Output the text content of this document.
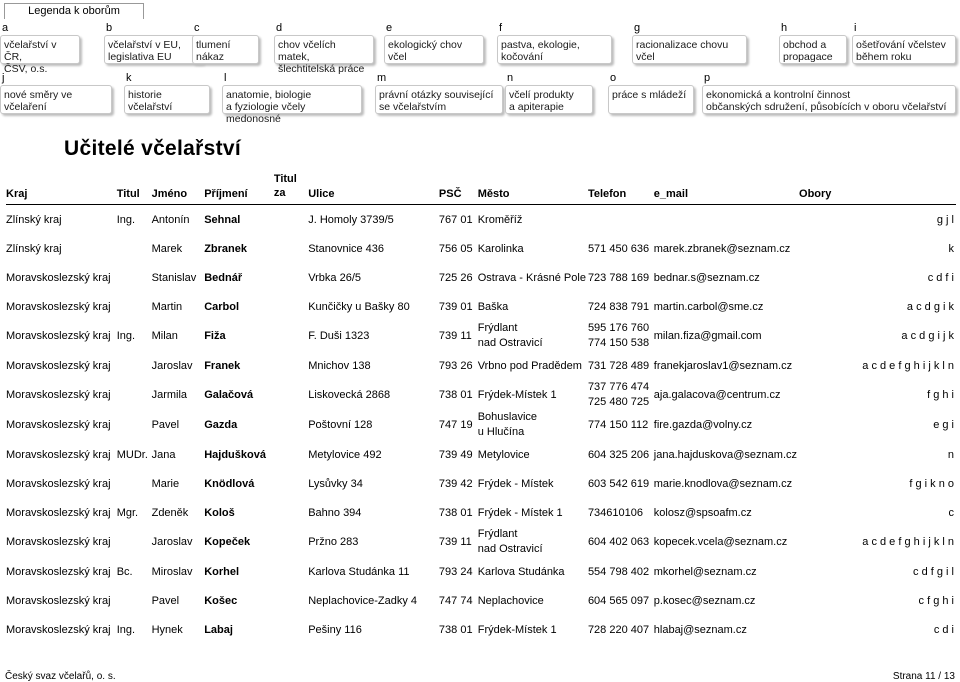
Legenda k oborům
a
včelařství v ČR,
ČSV, o.s.
b
včelařství v EU,
legislativa EU
c
tlumení nákaz
d
chov včelích matek,
šlechtitelská práce
e
ekologický chov včel
f
pastva, ekologie, kočování
g
racionalizace chovu včel
h
obchod a propagace
i
ošetřování včelstev
během roku
j
nové směry ve včelaření
k
historie včelařství
l
anatomie, biologie
a fyziologie včely medonosné
m
právní otázky související
se včelařstvím
n
včelí produkty
a apiterapie
o
práce s mládeží
p
ekonomická a kontrolní činnost
občanských sdružení, působících v oboru včelařství
Učitelé včelařství
Kraj	Titul	Jméno	Příjmení	Titul
za	Ulice	PSČ	Město	Telefon	e_mail	Obory
Zlínský kraj	Ing.	Antonín	Sehnal		J. Homoly 3739/5	767 01	Kroměříž			g j l
Zlínský kraj		Marek	Zbranek		Stanovnice 436	756 05	Karolinka	571 450 636	marek.zbranek@seznam.cz	k
Moravskoslezský kraj		Stanislav	Bednář		Vrbka 26/5	725 26	Ostrava - Krásné Pole	723 788 169	bednar.s@seznam.cz	c d f i
Moravskoslezský kraj		Martin	Carbol		Kunčičky u Bašky 80	739 01	Baška	724 838 791	martin.carbol@sme.cz	a c d g i k
Moravskoslezský kraj	Ing.	Milan	Fiža		F. Duši 1323	739 11	Frýdlant
nad Ostravicí	595 176 760
774 150 538	milan.fiza@gmail.com	a c d g i j k
Moravskoslezský kraj		Jaroslav	Franek		Mnichov 138	793 26	Vrbno pod Pradědem	731 728 489	franekjaroslav1@seznam.cz	a c d e f g h i j k l n
Moravskoslezský kraj		Jarmila	Galačová		Liskovecká 2868	738 01	Frýdek-Místek 1	737 776 474
725 480 725	aja.galacova@centrum.cz	f g h i
Moravskoslezský kraj		Pavel	Gazda		Poštovní 128	747 19	Bohuslavice
u Hlučína	774 150 112	fire.gazda@volny.cz	e g i
Moravskoslezský kraj	MUDr.	Jana	Hajdušková		Metylovice 492	739 49	Metylovice	604 325 206	jana.hajduskova@seznam.cz	n
Moravskoslezský kraj		Marie	Knödlová		Lysůvky 34	739 42	Frýdek - Místek	603 542 619	marie.knodlova@seznam.cz	f g i k n o
Moravskoslezský kraj	Mgr.	Zdeněk	Kološ		Bahno 394	738 01	Frýdek - Místek 1	734610106	kolosz@spsoafm.cz	c
Moravskoslezský kraj		Jaroslav	Kopeček		Pržno 283	739 11	Frýdlant
nad Ostravicí	604 402 063	kopecek.vcela@seznam.cz	a c d e f g h i j k l n
Moravskoslezský kraj	Bc.	Miroslav	Korhel		Karlova Studánka 11	793 24	Karlova Studánka	554 798 402	mkorhel@seznam.cz	c d f g i l
Moravskoslezský kraj		Pavel	Košec		Neplachovice-Zadky 4	747 74	Neplachovice	604 565 097	p.kosec@seznam.cz	c f g h i
Moravskoslezský kraj	Ing.	Hynek	Labaj		Pešiny 116	738 01	Frýdek-Místek 1	728 220 407	hlabaj@seznam.cz	c d i
Český svaz včelařů, o. s.	Strana 11 / 13
